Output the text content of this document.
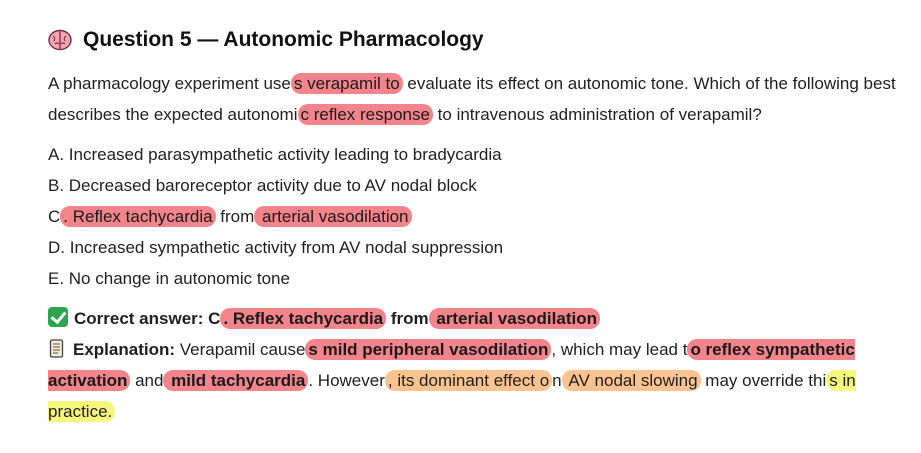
Question 5 — Autonomic Pharmacology
A pharmacology experiment use s verapamil to evaluate its effect on autonomic tone. Which of the following best describes the expected autonomi c reflex response to intravenous administration of verapamil?
A. Increased parasympathetic activity leading to bradycardia
B. Decreased baroreceptor activity due to AV nodal block
C . Reflex tachycardia from arterial vasodilation
D. Increased sympathetic activity from AV nodal suppression
E. No change in autonomic tone
Correct answer: C . Reflex tachycardia from arterial vasodilation
Explanation: Verapamil cause s mild peripheral vasodilation , which may lead t o reflex sympathetic activation and mild tachycardia . However , its dominant effect o n AV nodal slowing may override thi s in practice.
